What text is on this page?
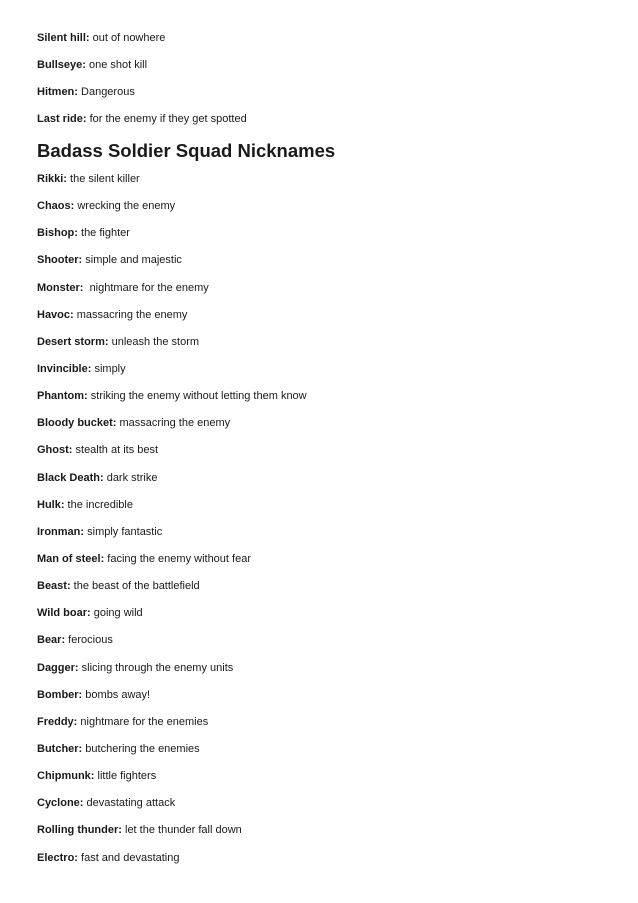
Silent hill: out of nowhere
Bullseye: one shot kill
Hitmen: Dangerous
Last ride: for the enemy if they get spotted
Badass Soldier Squad Nicknames
Rikki: the silent killer
Chaos: wrecking the enemy
Bishop: the fighter
Shooter: simple and majestic
Monster:  nightmare for the enemy
Havoc: massacring the enemy
Desert storm: unleash the storm
Invincible: simply
Phantom: striking the enemy without letting them know
Bloody bucket: massacring the enemy
Ghost: stealth at its best
Black Death: dark strike
Hulk: the incredible
Ironman: simply fantastic
Man of steel: facing the enemy without fear
Beast: the beast of the battlefield
Wild boar: going wild
Bear: ferocious
Dagger: slicing through the enemy units
Bomber: bombs away!
Freddy: nightmare for the enemies
Butcher: butchering the enemies
Chipmunk: little fighters
Cyclone: devastating attack
Rolling thunder: let the thunder fall down
Electro: fast and devastating
